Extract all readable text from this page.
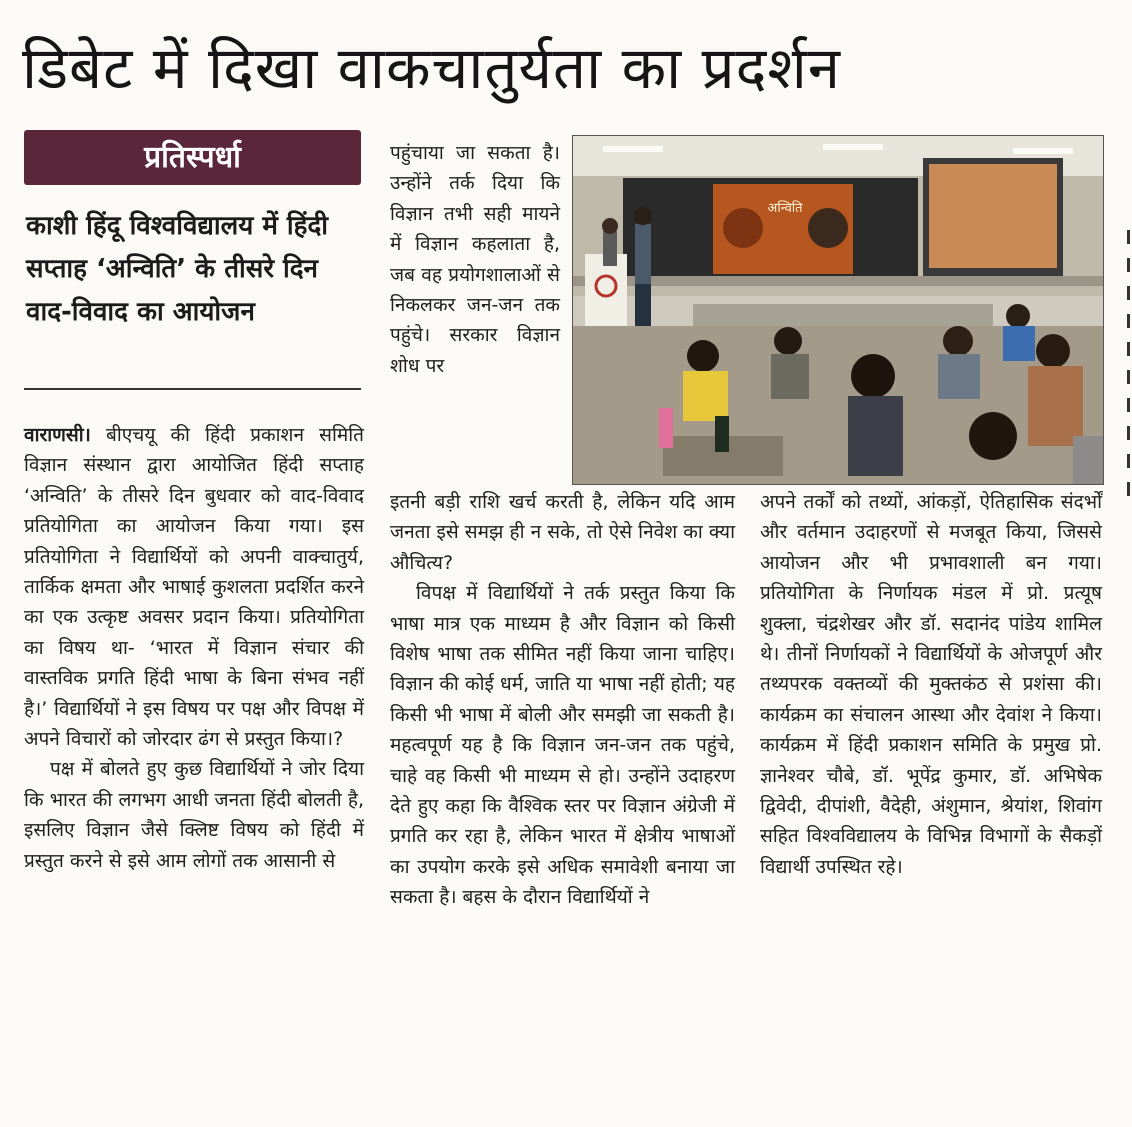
डिबेट में दिखा वाकचातुर्यता का प्रदर्शन
प्रतिस्पर्धा
काशी हिंदू विश्वविद्यालय में हिंदी सप्ताह ‘अन्विति’ के तीसरे दिन वाद-विवाद का आयोजन

वाराणसी। बीएचयू की हिंदी प्रकाशन समिति विज्ञान संस्थान द्वारा आयोजित हिंदी सप्ताह ‘अन्विति’ के तीसरे दिन बुधवार को वाद-विवाद प्रतियोगिता का आयोजन किया गया। इस प्रतियोगिता ने विद्यार्थियों को अपनी वाक्चातुर्य, तार्किक क्षमता और भाषाई कुशलता प्रदर्शित करने का एक उत्कृष्ट अवसर प्रदान किया। प्रतियोगिता का विषय था- ‘भारत में विज्ञान संचार की वास्तविक प्रगति हिंदी भाषा के बिना संभव नहीं है।’ विद्यार्थियों ने इस विषय पर पक्ष और विपक्ष में अपने विचारों को जोरदार ढंग से प्रस्तुत किया।?

पक्ष में बोलते हुए कुछ विद्यार्थियों ने जोर दिया कि भारत की लगभग आधी जनता हिंदी बोलती है, इसलिए विज्ञान जैसे क्लिष्ट विषय को हिंदी में प्रस्तुत करने से इसे आम लोगों तक आसानी से

पहुंचाया जा सकता है। उन्होंने तर्क दिया कि विज्ञान तभी सही मायने में विज्ञान कहलाता है, जब वह प्रयोगशालाओं से निकलकर जन-जन तक पहुंचे। सरकार विज्ञान शोध पर

अन्विति

इतनी बड़ी राशि खर्च करती है, लेकिन यदि आम जनता इसे समझ ही न सके, तो ऐसे निवेश का क्या औचित्य?

विपक्ष में विद्यार्थियों ने तर्क प्रस्तुत किया कि भाषा मात्र एक माध्यम है और विज्ञान को किसी विशेष भाषा तक सीमित नहीं किया जाना चाहिए। विज्ञान की कोई धर्म, जाति या भाषा नहीं होती; यह किसी भी भाषा में बोली और समझी जा सकती है। महत्वपूर्ण यह है कि विज्ञान जन-जन तक पहुंचे, चाहे वह किसी भी माध्यम से हो। उन्होंने उदाहरण देते हुए कहा कि वैश्विक स्तर पर विज्ञान अंग्रेजी में प्रगति कर रहा है, लेकिन भारत में क्षेत्रीय भाषाओं का उपयोग करके इसे अधिक समावेशी बनाया जा सकता है। बहस के दौरान विद्यार्थियों ने

अपने तर्कों को तथ्यों, आंकड़ों, ऐतिहासिक संदर्भों और वर्तमान उदाहरणों से मजबूत किया, जिससे आयोजन और भी प्रभावशाली बन गया। प्रतियोगिता के निर्णायक मंडल में प्रो. प्रत्यूष शुक्ला, चंद्रशेखर और डॉ. सदानंद पांडेय शामिल थे। तीनों निर्णायकों ने विद्यार्थियों के ओजपूर्ण और तथ्यपरक वक्तव्यों की मुक्तकंठ से प्रशंसा की। कार्यक्रम का संचालन आस्था और देवांश ने किया। कार्यक्रम में हिंदी प्रकाशन समिति के प्रमुख प्रो. ज्ञानेश्वर चौबे, डॉ. भूपेंद्र कुमार, डॉ. अभिषेक द्विवेदी, दीपांशी, वैदेही, अंशुमान, श्रेयांश, शिवांग सहित विश्वविद्यालय के विभिन्न विभागों के सैकड़ों विद्यार्थी उपस्थित रहे।
